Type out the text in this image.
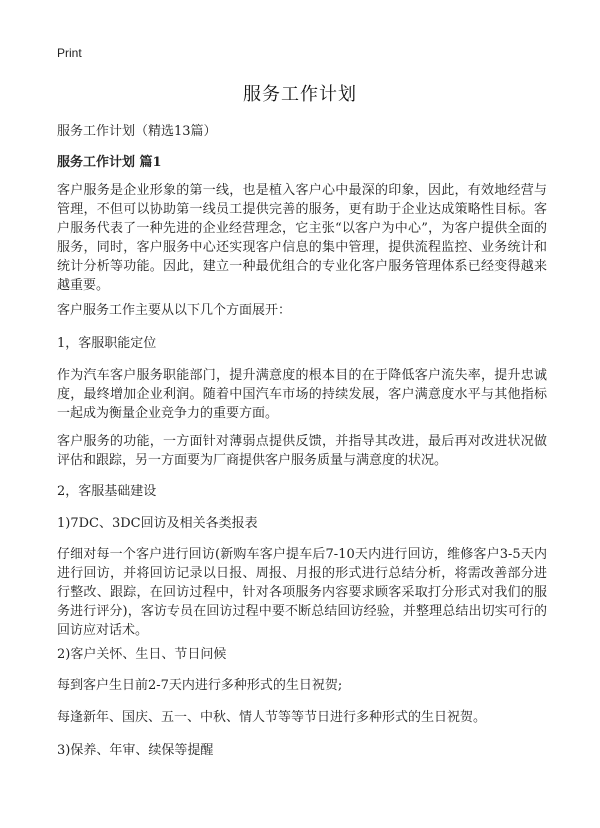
Print
服务工作计划
服务工作计划（精选13篇）
服务工作计划 篇1

客户服务是企业形象的第一线，也是植入客户心中最深的印象，因此，有效地经营与管理，不但可以协助第一线员工提供完善的服务，更有助于企业达成策略性目标。客户服务代表了一种先进的企业经营理念，它主张“以客户为中心”，为客户提供全面的服务，同时，客户服务中心还实现客户信息的集中管理，提供流程监控、业务统计和统计分析等功能。因此，建立一种最优组合的专业化客户服务管理体系已经变得越来越重要。

客户服务工作主要从以下几个方面展开：

1，客服职能定位

作为汽车客户服务职能部门，提升满意度的根本目的在于降低客户流失率，提升忠诚度，最终增加企业利润。随着中国汽车市场的持续发展，客户满意度水平与其他指标一起成为衡量企业竞争力的重要方面。

客户服务的功能，一方面针对薄弱点提供反馈，并指导其改进，最后再对改进状况做评估和跟踪，另一方面要为厂商提供客户服务质量与满意度的状况。

2，客服基础建设

1)7DC、3DC回访及相关各类报表

仔细对每一个客户进行回访(新购车客户提车后7-10天内进行回访，维修客户3-5天内进行回访，并将回访记录以日报、周报、月报的形式进行总结分析，将需改善部分进行整改、跟踪，在回访过程中，针对各项服务内容要求顾客采取打分形式对我们的服务进行评分)，客访专员在回访过程中要不断总结回访经验，并整理总结出切实可行的回访应对话术。

2)客户关怀、生日、节日问候

每到客户生日前2-7天内进行多种形式的生日祝贺;

每逢新年、国庆、五一、中秋、情人节等等节日进行多种形式的生日祝贺。

3)保养、年审、续保等提醒
